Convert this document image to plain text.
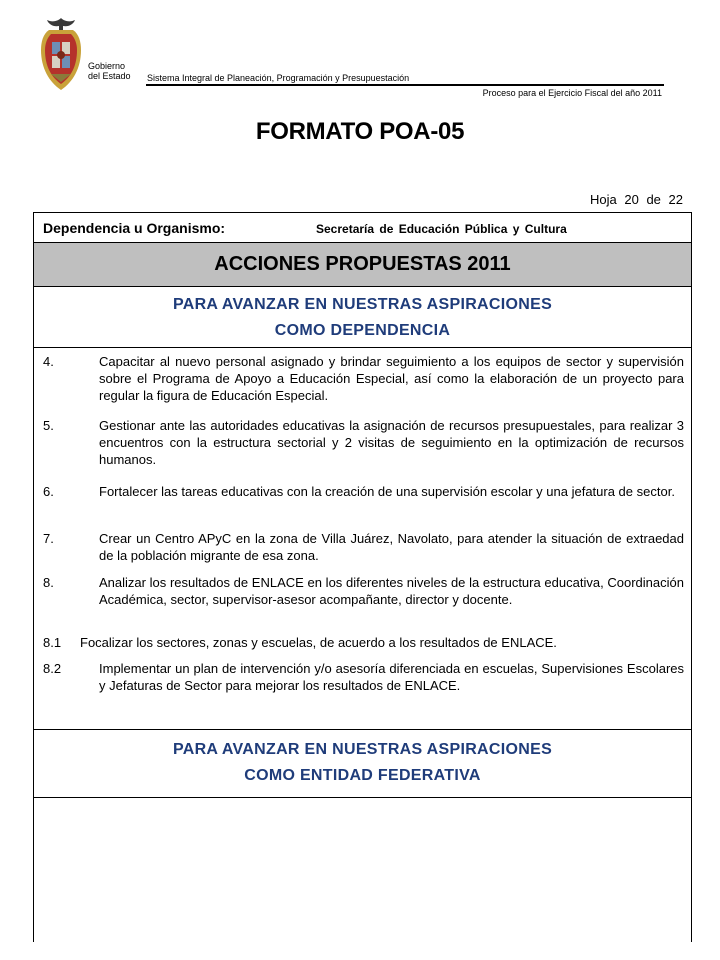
Gobierno
del Estado Sistema Integral de Planeación, Programación y Presupuestación
Proceso para el Ejercicio Fiscal del año 2011
FORMATO POA-05
Hoja 20 de 22
Dependencia u Organismo:	Secretaría de Educación Pública y Cultura
ACCIONES PROPUESTAS 2011
PARA AVANZAR EN NUESTRAS ASPIRACIONES
COMO DEPENDENCIA
4.	Capacitar al nuevo personal asignado y brindar seguimiento a los equipos de sector y supervisión sobre el Programa de Apoyo a Educación Especial, así como la elaboración de un proyecto para regular la figura de Educación Especial.
5.	Gestionar ante las autoridades educativas la asignación de recursos presupuestales, para realizar 3 encuentros con la estructura sectorial y 2 visitas de seguimiento en la optimización de recursos humanos.
6.	Fortalecer las tareas educativas con la creación de una supervisión escolar y una jefatura de sector.
7.	Crear un Centro APyC en la zona de Villa Juárez, Navolato, para atender la situación de extraedad de la población migrante de esa zona.
8.	Analizar los resultados de ENLACE en los diferentes niveles de la estructura educativa, Coordinación Académica, sector, supervisor-asesor acompañante, director y docente.
8.1	Focalizar los sectores, zonas y escuelas, de acuerdo a los resultados de ENLACE.
8.2	Implementar un plan de intervención y/o asesoría diferenciada en escuelas, Supervisiones Escolares y Jefaturas de Sector para mejorar los resultados de ENLACE.
PARA AVANZAR EN NUESTRAS ASPIRACIONES
COMO ENTIDAD FEDERATIVA
